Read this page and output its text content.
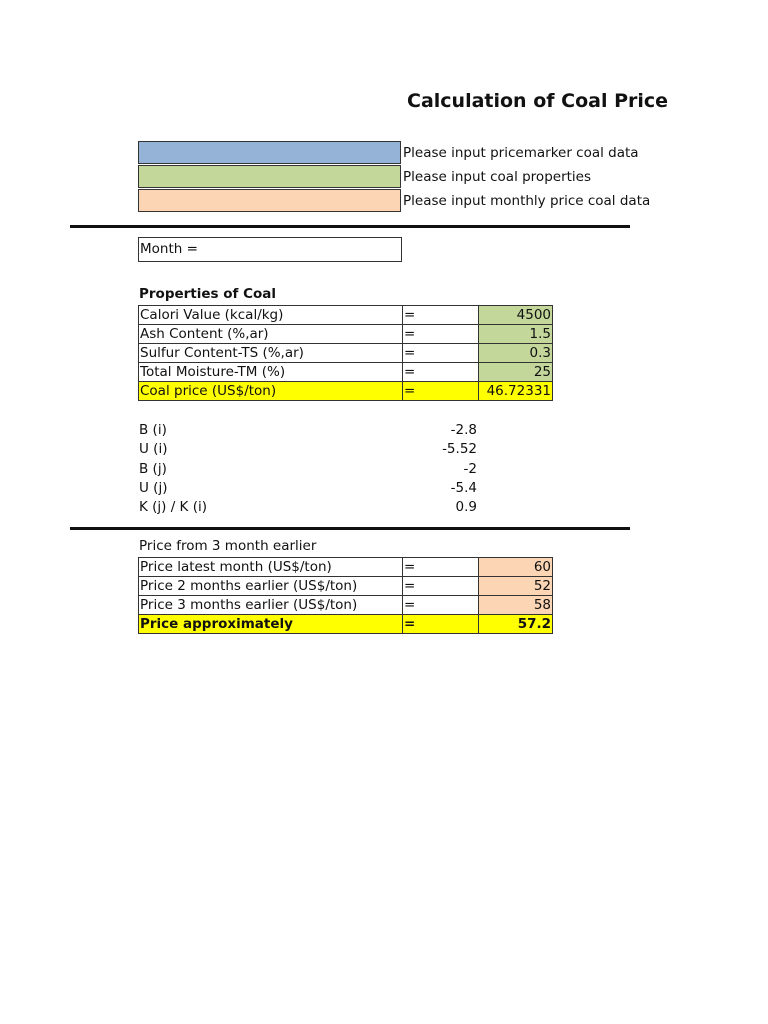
Calculation of Coal Price
Please input pricemarker coal data
Please input coal properties
Please input monthly price coal data
Month =
Properties of Coal
Calori Value (kcal/kg)	=	4500
Ash Content (%,ar)	=	1.5
Sulfur Content-TS (%,ar)	=	0.3
Total Moisture-TM (%)	=	25
Coal price (US$/ton)	=	46.72331
B (i)	-2.8
U (i)	-5.52
B (j)	-2
U (j)	-5.4
K (j) / K (i)	0.9
Price from 3 month earlier
Price latest month (US$/ton)	=	60
Price 2 months earlier (US$/ton)	=	52
Price 3 months earlier (US$/ton)	=	58
Price approximately	=	57.2
